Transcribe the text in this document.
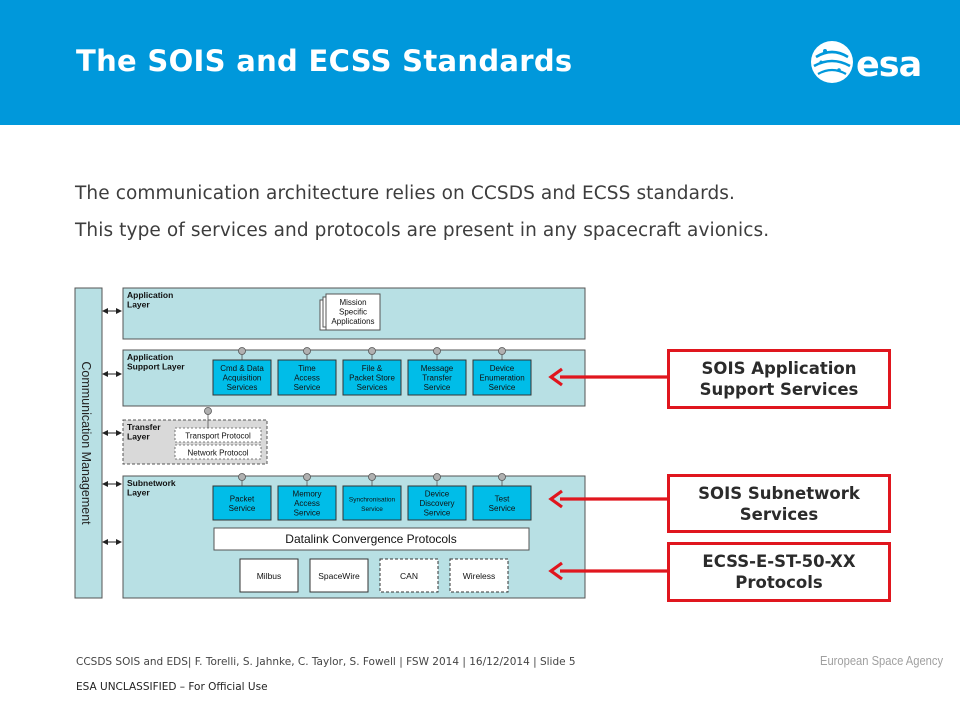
The SOIS and ECSS Standards	esa
The communication architecture relies on CCSDS and ECSS standards.
This type of services and protocols are present in any spacecraft avionics.
Communication Management
Application Layer	Mission Specific Applications
Application Support Layer	Cmd & Data Acquisition Services
Time Access Service
File & Packet Store Services
Message Transfer Service
Device Enumeration Service
Transfer Layer	Transport Protocol
Network Protocol
Subnetwork Layer
Packet Service
Memory Access Service
Synchronisation Service
Device Discovery Service
Test Service
Datalink Convergence Protocols
Milbus	SpaceWire	CAN	Wireless
SOIS Application
Support Services
SOIS Subnetwork
Services
ECSS-E-ST-50-XX
Protocols
CCSDS SOIS and EDS| F. Torelli, S. Jahnke, C. Taylor, S. Fowell | FSW 2014 | 16/12/2014 | Slide 5
ESA UNCLASSIFIED – For Official Use
European Space Agency
